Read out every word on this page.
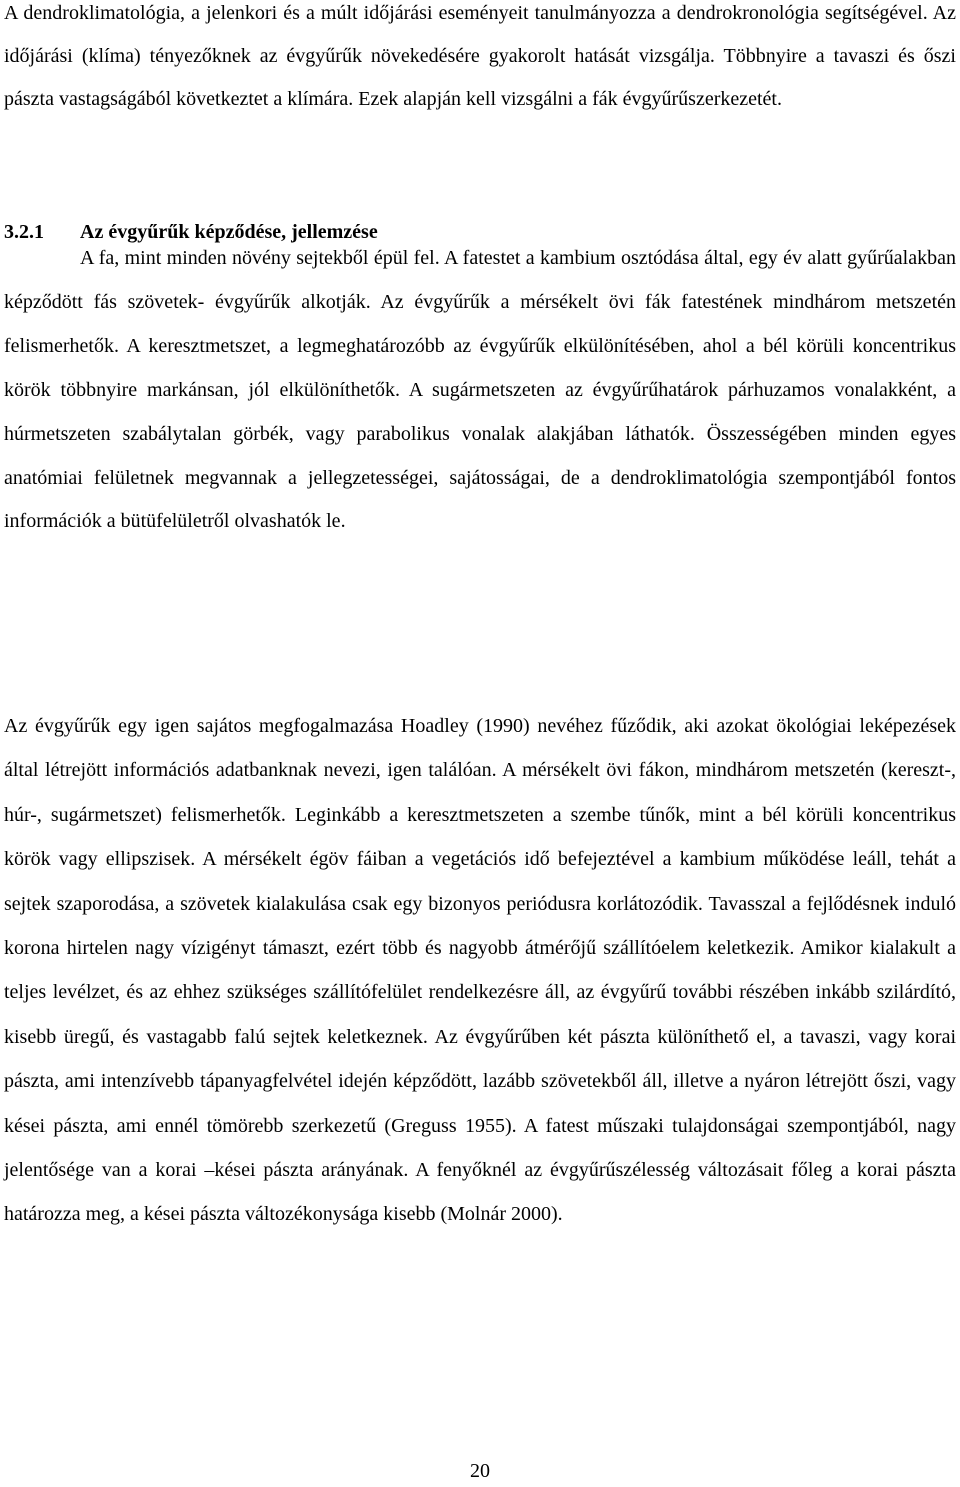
A dendroklimatológia, a jelenkori és a múlt időjárási eseményeit tanulmányozza a dendrokronológia segítségével. Az időjárási (klíma) tényezőknek az évgyűrűk növekedésére gyakorolt hatását vizsgálja. Többnyire a tavaszi és őszi pászta vastagságából következtet a klímára. Ezek alapján kell vizsgálni a fák évgyűrűszerkezetét.

3.2.1 Az évgyűrűk képződése, jellemzése

A fa, mint minden növény sejtekből épül fel. A fatestet a kambium osztódása által, egy év alatt gyűrűalakban képződött fás szövetek- évgyűrűk alkotják. Az évgyűrűk a mérsékelt övi fák fatestének mindhárom metszetén felismerhetők. A keresztmetszet, a legmeghatározóbb az évgyűrűk elkülönítésében, ahol a bél körüli koncentrikus körök többnyire markánsan, jól elkülöníthetők. A sugármetszeten az évgyűrűhatárok párhuzamos vonalakként, a húrmetszeten szabálytalan görbék, vagy parabolikus vonalak alakjában láthatók. Összességében minden egyes anatómiai felületnek megvannak a jellegzetességei, sajátosságai, de a dendroklimatológia szempontjából fontos információk a bütüfelületről olvashatók le.

Az évgyűrűk egy igen sajátos megfogalmazása Hoadley (1990) nevéhez fűződik, aki azokat ökológiai leképezések által létrejött információs adatbanknak nevezi, igen találóan. A mérsékelt övi fákon, mindhárom metszetén (kereszt-, húr-, sugármetszet) felismerhetők. Leginkább a keresztmetszeten a szembe tűnők, mint a bél körüli koncentrikus körök vagy ellipszisek. A mérsékelt égöv fáiban a vegetációs idő befejeztével a kambium működése leáll, tehát a sejtek szaporodása, a szövetek kialakulása csak egy bizonyos periódusra korlátozódik. Tavasszal a fejlődésnek induló korona hirtelen nagy vízigényt támaszt, ezért több és nagyobb átmérőjű szállítóelem keletkezik. Amikor kialakult a teljes levélzet, és az ehhez szükséges szállítófelület rendelkezésre áll, az évgyűrű további részében inkább szilárdító, kisebb üregű, és vastagabb falú sejtek keletkeznek. Az évgyűrűben két pászta különíthető el, a tavaszi, vagy korai pászta, ami intenzívebb tápanyagfelvétel idején képződött, lazább szövetekből áll, illetve a nyáron létrejött őszi, vagy kései pászta, ami ennél tömörebb szerkezetű (Greguss 1955). A fatest műszaki tulajdonságai szempontjából, nagy jelentősége van a korai –kései pászta arányának. A fenyőknél az évgyűrűszélesség változásait főleg a korai pászta határozza meg, a kései pászta változékonysága kisebb (Molnár 2000).

20
